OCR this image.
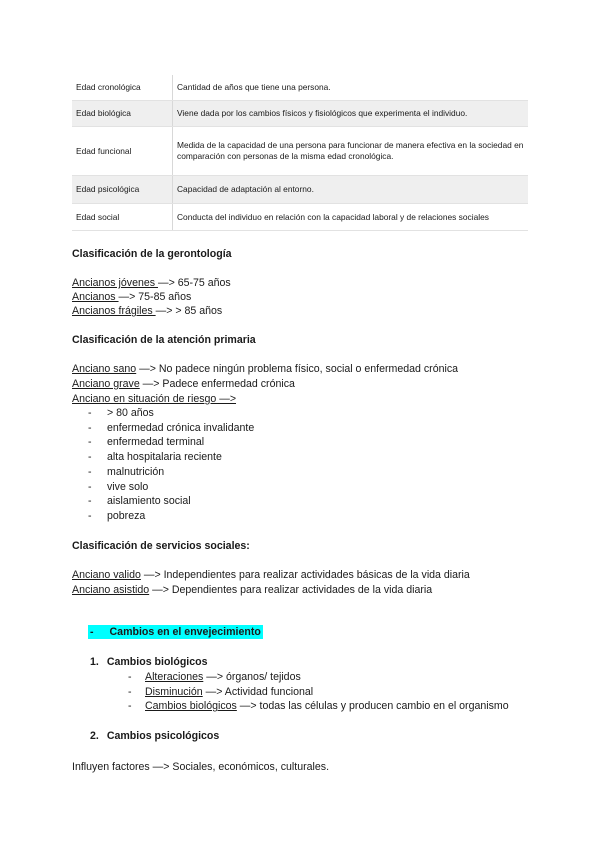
Edad cronológica	Cantidad de años que tiene una persona.
Edad biológica	Viene dada por los cambios físicos y fisiológicos que experimenta el individuo.
Edad funcional	Medida de la capacidad de una persona para funcionar de manera efectiva en la sociedad en comparación con personas de la misma edad cronológica.
Edad psicológica	Capacidad de adaptación al entorno.
Edad social	Conducta del individuo en relación con la capacidad laboral y de relaciones sociales
Clasificación de la gerontología

Ancianos jóvenes —> 65-75 años

Ancianos —> 75-85 años

Ancianos frágiles —> > 85 años

Clasificación de la atención primaria

Anciano sano —> No padece ningún problema físico, social o enfermedad crónica

Anciano grave —> Padece enfermedad crónica

Anciano en situación de riesgo —>

- > 80 años
- enfermedad crónica invalidante
- enfermedad terminal
- alta hospitalaria reciente
- malnutrición
- vive solo
- aislamiento social
- pobreza
Clasificación de servicios sociales:

Anciano valido —> Independientes para realizar actividades básicas de la vida diaria

Anciano asistido —> Dependientes para realizar actividades de la vida diaria

- Cambios en el envejecimiento
1. Cambios biológicos
- Alteraciones —> órganos/ tejidos
- Disminución —> Actividad funcional
- Cambios biológicos —> todas las células y producen cambio en el organismo
2. Cambios psicológicos

Influyen factores —> Sociales, económicos, culturales.
